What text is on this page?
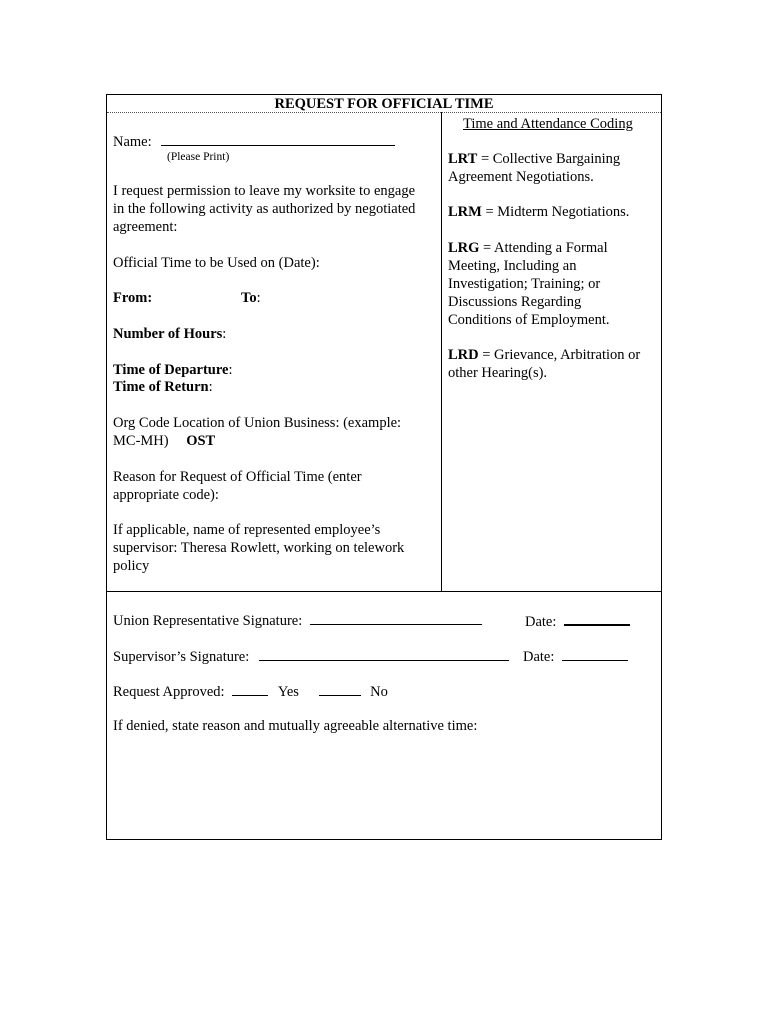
REQUEST FOR OFFICIAL TIME
Name:
(Please Print)
I request permission to leave my worksite to engage
in the following activity as authorized by negotiated
agreement:
Official Time to be Used on (Date):
From:	To:
Number of Hours:
Time of Departure:
Time of Return:
Org Code Location of Union Business: (example:
MC-MH) OST
Reason for Request of Official Time (enter
appropriate code):
If applicable, name of represented employee’s
supervisor: Theresa Rowlett, working on telework
policy
Time and Attendance Coding
LRT = Collective Bargaining
Agreement Negotiations.
LRM = Midterm Negotiations.
LRG = Attending a Formal
Meeting, Including an
Investigation; Training; or
Discussions Regarding
Conditions of Employment.
LRD = Grievance, Arbitration or
other Hearing(s).
Union Representative Signature:	Date:
Supervisor’s Signature:	Date:
Request Approved:	Yes	No
If denied, state reason and mutually agreeable alternative time:
